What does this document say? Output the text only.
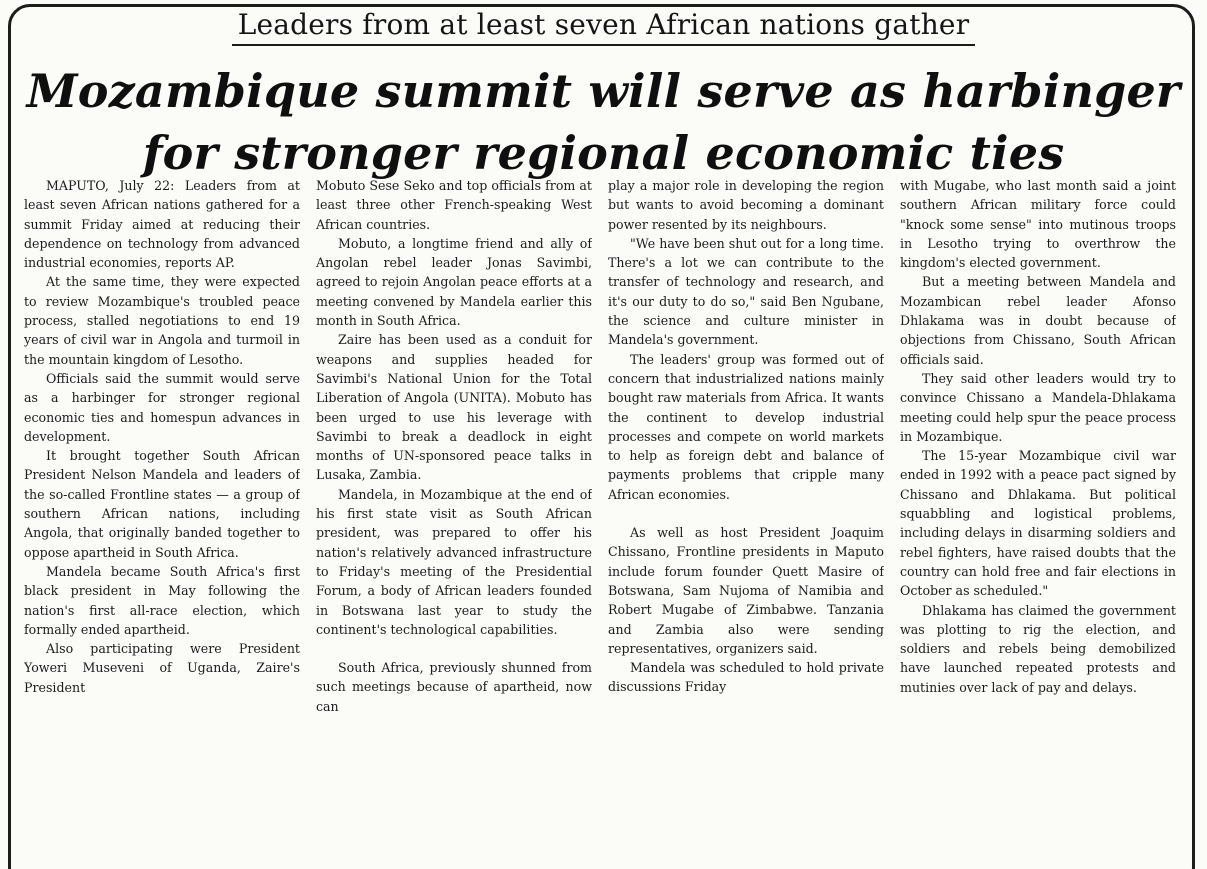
Leaders from at least seven African nations gather
Mozambique summit will serve as harbinger
for stronger regional economic ties

MAPUTO, July 22: Leaders from at least seven African nations gathered for a summit Friday aimed at reducing their dependence on technology from advanced industrial economies, reports AP.

At the same time, they were expected to review Mozambique's troubled peace process, stalled negotiations to end 19 years of civil war in Angola and turmoil in the mountain kingdom of Lesotho.

Officials said the summit would serve as a harbinger for stronger regional economic ties and homespun advances in development.

It brought together South African President Nelson Mandela and leaders of the so-called Frontline states — a group of southern African nations, including Angola, that originally banded together to oppose apartheid in South Africa.

Mandela became South Africa's first black president in May following the nation's first all-race election, which formally ended apartheid.

Also participating were President Yoweri Museveni of Uganda, Zaire's President

Mobuto Sese Seko and top officials from at least three other French-speaking West African countries.

Mobuto, a longtime friend and ally of Angolan rebel leader Jonas Savimbi, agreed to rejoin Angolan peace efforts at a meeting convened by Mandela earlier this month in South Africa.

Zaire has been used as a conduit for weapons and supplies headed for Savimbi's National Union for the Total Liberation of Angola (UNITA). Mobuto has been urged to use his leverage with Savimbi to break a deadlock in eight months of UN-sponsored peace talks in Lusaka, Zambia.

Mandela, in Mozambique at the end of his first state visit as South African president, was prepared to offer his nation's relatively advanced infrastructure to Friday's meeting of the Presidential Forum, a body of African leaders founded in Botswana last year to study the continent's technological capabilities.

South Africa, previously shunned from such meetings because of apartheid, now can

play a major role in developing the region but wants to avoid becoming a dominant power resented by its neighbours.

"We have been shut out for a long time. There's a lot we can contribute to the transfer of technology and research, and it's our duty to do so," said Ben Ngubane, the science and culture minister in Mandela's government.

The leaders' group was formed out of concern that industrialized nations mainly bought raw materials from Africa. It wants the continent to develop industrial processes and compete on world markets to help as foreign debt and balance of payments problems that cripple many African economies.

As well as host President Joaquim Chissano, Frontline presidents in Maputo include forum founder Quett Masire of Botswana, Sam Nujoma of Namibia and Robert Mugabe of Zimbabwe. Tanzania and Zambia also were sending representatives, organizers said.

Mandela was scheduled to hold private discussions Friday

with Mugabe, who last month said a joint southern African military force could "knock some sense" into mutinous troops in Lesotho trying to overthrow the kingdom's elected government.

But a meeting between Mandela and Mozambican rebel leader Afonso Dhlakama was in doubt because of objections from Chissano, South African officials said.

They said other leaders would try to convince Chissano a Mandela-Dhlakama meeting could help spur the peace process in Mozambique.

The 15-year Mozambique civil war ended in 1992 with a peace pact signed by Chissano and Dhlakama. But political squabbling and logistical problems, including delays in disarming soldiers and rebel fighters, have raised doubts that the country can hold free and fair elections in October as scheduled."

Dhlakama has claimed the government was plotting to rig the election, and soldiers and rebels being demobilized have launched repeated protests and mutinies over lack of pay and delays.
